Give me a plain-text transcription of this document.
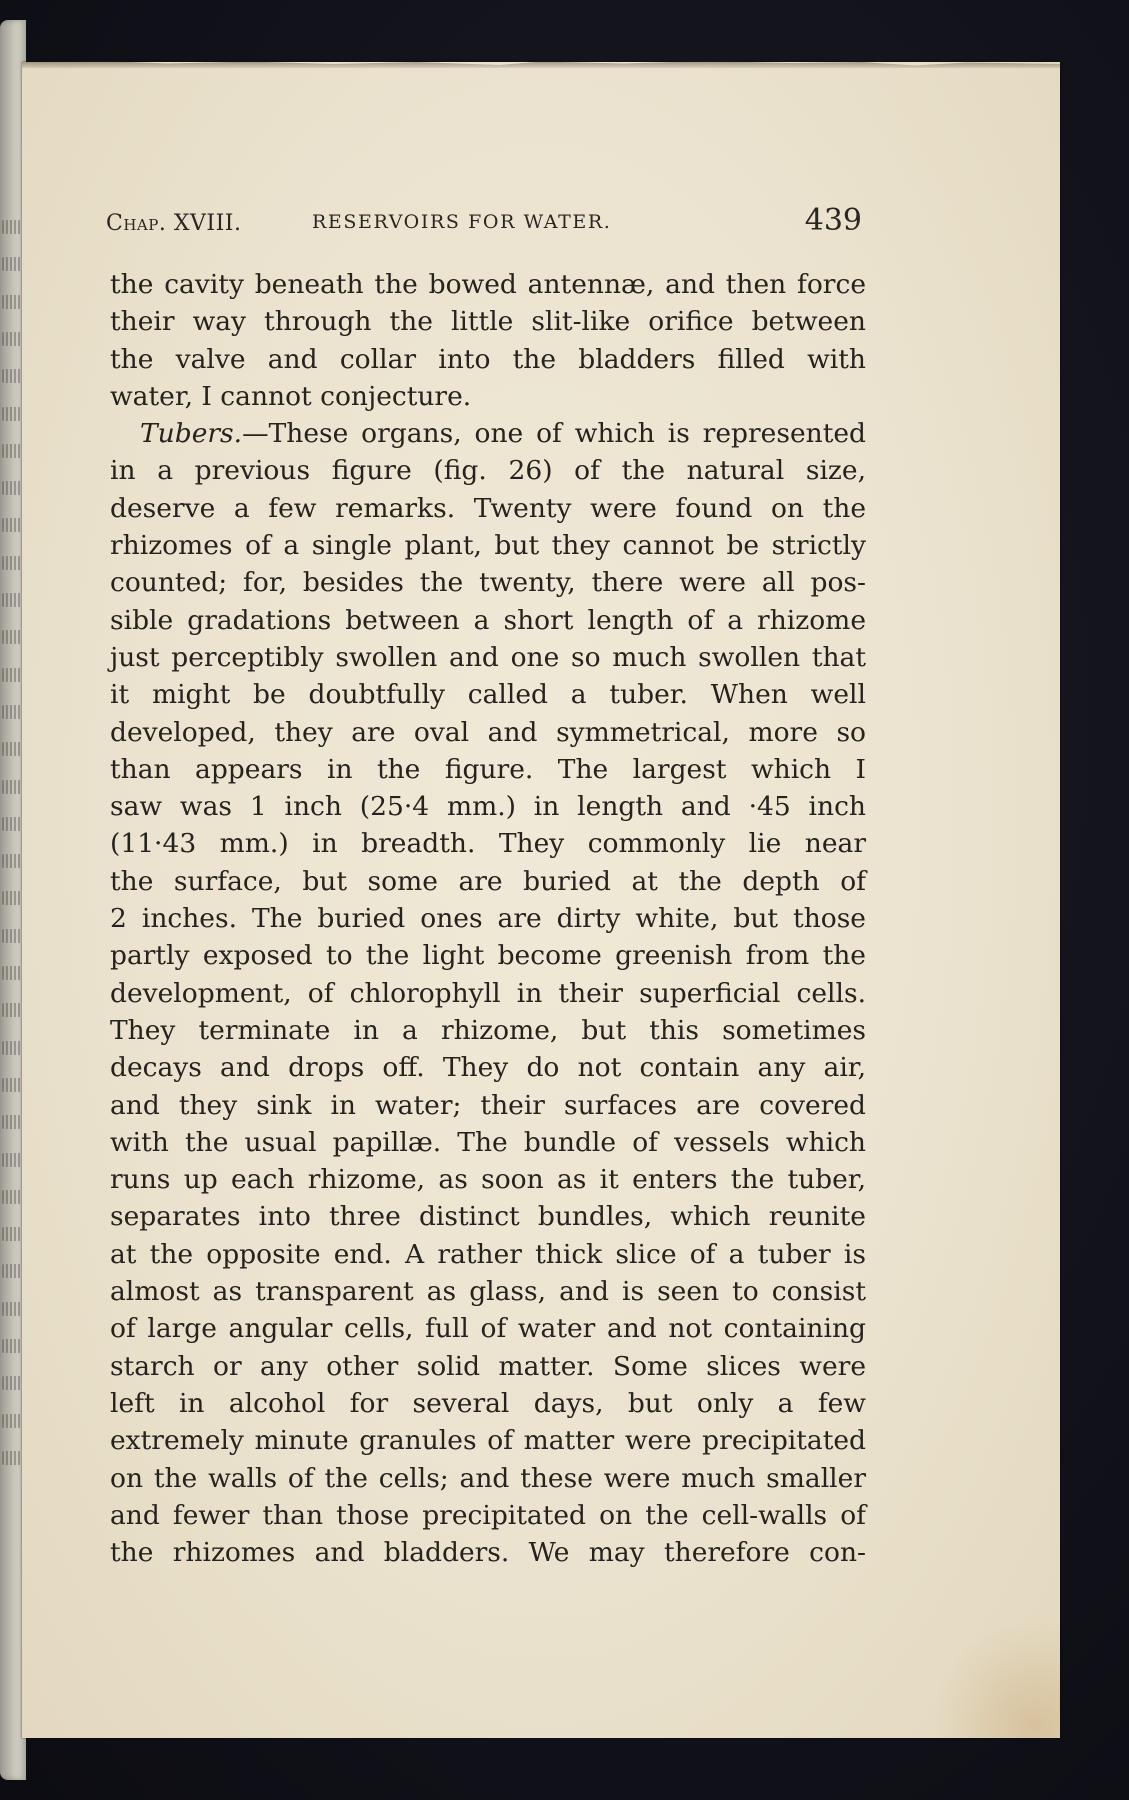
Chap. XVIII.	RESERVOIRS FOR WATER.	439
the cavity beneath the bowed antennæ, and then force
their way through the little slit-like orifice between
the valve and collar into the bladders filled with
water, I cannot conjecture.
Tubers.—These organs, one of which is represented
in a previous figure (fig. 26) of the natural size,
deserve a few remarks. Twenty were found on the
rhizomes of a single plant, but they cannot be strictly
counted; for, besides the twenty, there were all pos-
sible gradations between a short length of a rhizome
just perceptibly swollen and one so much swollen that
it might be doubtfully called a tuber. When well
developed, they are oval and symmetrical, more so
than appears in the figure. The largest which I
saw was 1 inch (25·4 mm.) in length and ·45 inch
(11·43 mm.) in breadth. They commonly lie near
the surface, but some are buried at the depth of
2 inches. The buried ones are dirty white, but those
partly exposed to the light become greenish from the
development, of chlorophyll in their superficial cells.
They terminate in a rhizome, but this sometimes
decays and drops off. They do not contain any air,
and they sink in water; their surfaces are covered
with the usual papillæ. The bundle of vessels which
runs up each rhizome, as soon as it enters the tuber,
separates into three distinct bundles, which reunite
at the opposite end. A rather thick slice of a tuber is
almost as transparent as glass, and is seen to consist
of large angular cells, full of water and not containing
starch or any other solid matter. Some slices were
left in alcohol for several days, but only a few
extremely minute granules of matter were precipitated
on the walls of the cells; and these were much smaller
and fewer than those precipitated on the cell-walls of
the rhizomes and bladders. We may therefore con-
